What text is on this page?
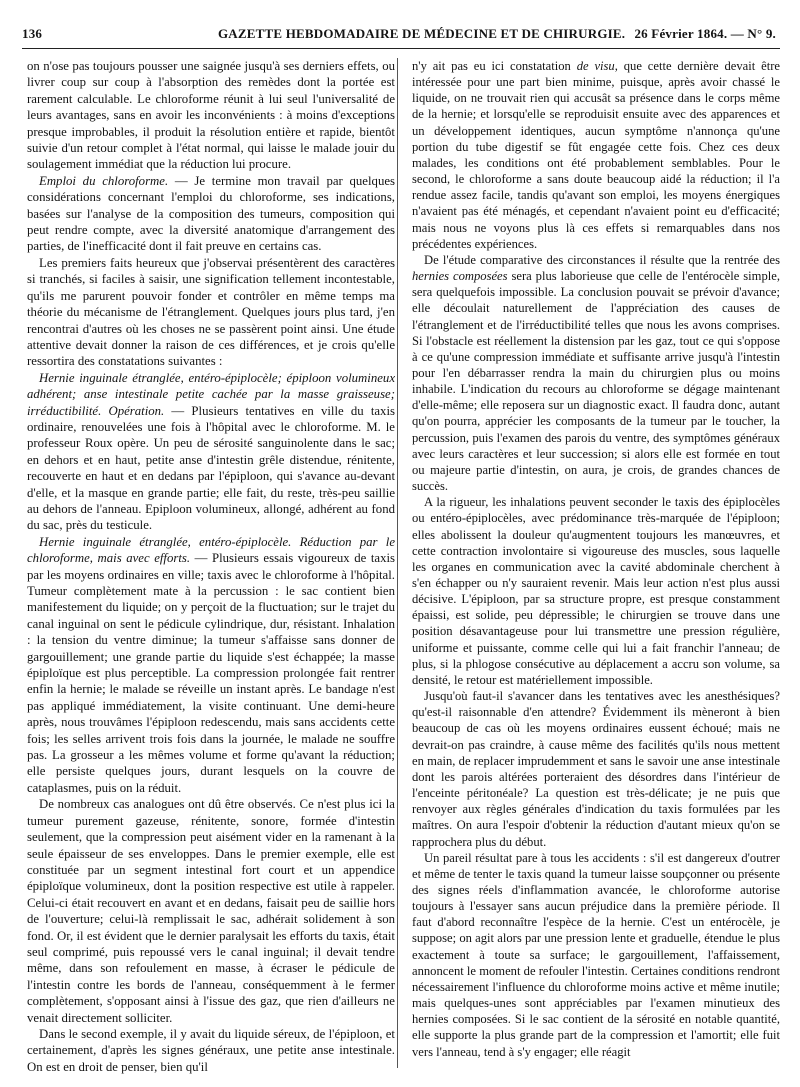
136	GAZETTE HEBDOMADAIRE DE MÉDECINE ET DE CHIRURGIE. 26 Février 1864. — N° 9.

on n'ose pas toujours pousser une saignée jusqu'à ses derniers effets, ou livrer coup sur coup à l'absorption des remèdes dont la portée est rarement calculable. Le chloroforme réunit à lui seul l'universalité de leurs avantages, sans en avoir les inconvénients : à moins d'exceptions presque improbables, il produit la résolution entière et rapide, bientôt suivie d'un retour complet à l'état normal, qui laisse le malade jouir du soulagement immédiat que la réduction lui procure.

Emploi du chloroforme. — Je termine mon travail par quelques considérations concernant l'emploi du chloroforme, ses indications, basées sur l'analyse de la composition des tumeurs, composition qui peut rendre compte, avec la diversité anatomique d'arrangement des parties, de l'inefficacité dont il fait preuve en certains cas.

Les premiers faits heureux que j'observai présentèrent des caractères si tranchés, si faciles à saisir, une signification tellement incontestable, qu'ils me parurent pouvoir fonder et contrôler en même temps ma théorie du mécanisme de l'étranglement. Quelques jours plus tard, j'en rencontrai d'autres où les choses ne se passèrent point ainsi. Une étude attentive devait donner la raison de ces différences, et je crois qu'elle ressortira des constatations suivantes :

Hernie inguinale étranglée, entéro-épiplocèle; épiploon volumineux adhérent; anse intestinale petite cachée par la masse graisseuse; irréductibilité. Opération. — Plusieurs tentatives en ville du taxis ordinaire, renouvelées une fois à l'hôpital avec le chloroforme. M. le professeur Roux opère. Un peu de sérosité sanguinolente dans le sac; en dehors et en haut, petite anse d'intestin grêle distendue, rénitente, recouverte en haut et en dedans par l'épiploon, qui s'avance au-devant d'elle, et la masque en grande partie; elle fait, du reste, très-peu saillie au dehors de l'anneau. Epiploon volumineux, allongé, adhérent au fond du sac, près du testicule.

Hernie inguinale étranglée, entéro-épiplocèle. Réduction par le chloroforme, mais avec efforts. — Plusieurs essais vigoureux de taxis par les moyens ordinaires en ville; taxis avec le chloroforme à l'hôpital. Tumeur complètement mate à la percussion : le sac contient bien manifestement du liquide; on y perçoit de la fluctuation; sur le trajet du canal inguinal on sent le pédicule cylindrique, dur, résistant. Inhalation : la tension du ventre diminue; la tumeur s'affaisse sans donner de gargouillement; une grande partie du liquide s'est échappée; la masse épiploïque est plus perceptible. La compression prolongée fait rentrer enfin la hernie; le malade se réveille un instant après. Le bandage n'est pas appliqué immédiatement, la visite continuant. Une demi-heure après, nous trouvâmes l'épiploon redescendu, mais sans accidents cette fois; les selles arrivent trois fois dans la journée, le malade ne souffre pas. La grosseur a les mêmes volume et forme qu'avant la réduction; elle persiste quelques jours, durant lesquels on la couvre de cataplasmes, puis on la réduit.

De nombreux cas analogues ont dû être observés. Ce n'est plus ici la tumeur purement gazeuse, rénitente, sonore, formée d'intestin seulement, que la compression peut aisément vider en la ramenant à la seule épaisseur de ses enveloppes. Dans le premier exemple, elle est constituée par un segment intestinal fort court et un appendice épiploïque volumineux, dont la position respective est utile à rappeler. Celui-ci était recouvert en avant et en dedans, faisait peu de saillie hors de l'ouverture; celui-là remplissait le sac, adhérait solidement à son fond. Or, il est évident que le dernier paralysait les efforts du taxis, était seul comprimé, puis repoussé vers le canal inguinal; il devait tendre même, dans son refoulement en masse, à écraser le pédicule de l'intestin contre les bords de l'anneau, conséquemment à le fermer complètement, s'opposant ainsi à l'issue des gaz, que rien d'ailleurs ne venait directement solliciter.

Dans le second exemple, il y avait du liquide séreux, de l'épiploon, et certainement, d'après les signes généraux, une petite anse intestinale. On est en droit de penser, bien qu'il

n'y ait pas eu ici constatation de visu, que cette dernière devait être intéressée pour une part bien minime, puisque, après avoir chassé le liquide, on ne trouvait rien qui accusât sa présence dans le corps même de la hernie; et lorsqu'elle se reproduisit ensuite avec des apparences et un développement identiques, aucun symptôme n'annonça qu'une portion du tube digestif se fût engagée cette fois. Chez ces deux malades, les conditions ont été probablement semblables. Pour le second, le chloroforme a sans doute beaucoup aidé la réduction; il l'a rendue assez facile, tandis qu'avant son emploi, les moyens énergiques n'avaient pas été ménagés, et cependant n'avaient point eu d'efficacité; mais nous ne voyons plus là ces effets si remarquables dans nos précédentes expériences.

De l'étude comparative des circonstances il résulte que la rentrée des hernies composées sera plus laborieuse que celle de l'entérocèle simple, sera quelquefois impossible. La conclusion pouvait se prévoir d'avance; elle découlait naturellement de l'appréciation des causes de l'étranglement et de l'irréductibilité telles que nous les avons comprises. Si l'obstacle est réellement la distension par les gaz, tout ce qui s'oppose à ce qu'une compression immédiate et suffisante arrive jusqu'à l'intestin pour l'en débarrasser rendra la main du chirurgien plus ou moins inhabile. L'indication du recours au chloroforme se dégage maintenant d'elle-même; elle reposera sur un diagnostic exact. Il faudra donc, autant qu'on pourra, apprécier les composants de la tumeur par le toucher, la percussion, puis l'examen des parois du ventre, des symptômes généraux avec leurs caractères et leur succession; si alors elle est formée en tout ou majeure partie d'intestin, on aura, je crois, de grandes chances de succès.

A la rigueur, les inhalations peuvent seconder le taxis des épiplocèles ou entéro-épiplocèles, avec prédominance très-marquée de l'épiploon; elles abolissent la douleur qu'augmentent toujours les manœuvres, et cette contraction involontaire si vigoureuse des muscles, sous laquelle les organes en communication avec la cavité abdominale cherchent à s'en échapper ou n'y sauraient revenir. Mais leur action n'est plus aussi décisive. L'épiploon, par sa structure propre, est presque constamment épaissi, est solide, peu dépressible; le chirurgien se trouve dans une position désavantageuse pour lui transmettre une pression régulière, uniforme et puissante, comme celle qui lui a fait franchir l'anneau; de plus, si la phlogose consécutive au déplacement a accru son volume, sa densité, le retour est matériellement impossible.

Jusqu'où faut-il s'avancer dans les tentatives avec les anesthésiques? qu'est-il raisonnable d'en attendre? Évidemment ils mèneront à bien beaucoup de cas où les moyens ordinaires eussent échoué; mais ne devrait-on pas craindre, à cause même des facilités qu'ils nous mettent en main, de replacer imprudemment et sans le savoir une anse intestinale dont les parois altérées porteraient des désordres dans l'intérieur de l'enceinte péritonéale? La question est très-délicate; je ne puis que renvoyer aux règles générales d'indication du taxis formulées par les maîtres. On aura l'espoir d'obtenir la réduction d'autant mieux qu'on se rapprochera plus du début.

Un pareil résultat pare à tous les accidents : s'il est dangereux d'outrer et même de tenter le taxis quand la tumeur laisse soupçonner ou présente des signes réels d'inflammation avancée, le chloroforme autorise toujours à l'essayer sans aucun préjudice dans la première période. Il faut d'abord reconnaître l'espèce de la hernie. C'est un entérocèle, je suppose; on agit alors par une pression lente et graduelle, étendue le plus exactement à toute sa surface; le gargouillement, l'affaissement, annoncent le moment de refouler l'intestin. Certaines conditions rendront nécessairement l'influence du chloroforme moins active et même inutile; mais quelques-unes sont appréciables par l'examen minutieux des hernies composées. Si le sac contient de la sérosité en notable quantité, elle supporte la plus grande part de la compression et l'amortit; elle fuit vers l'anneau, tend à s'y engager; elle réagit
